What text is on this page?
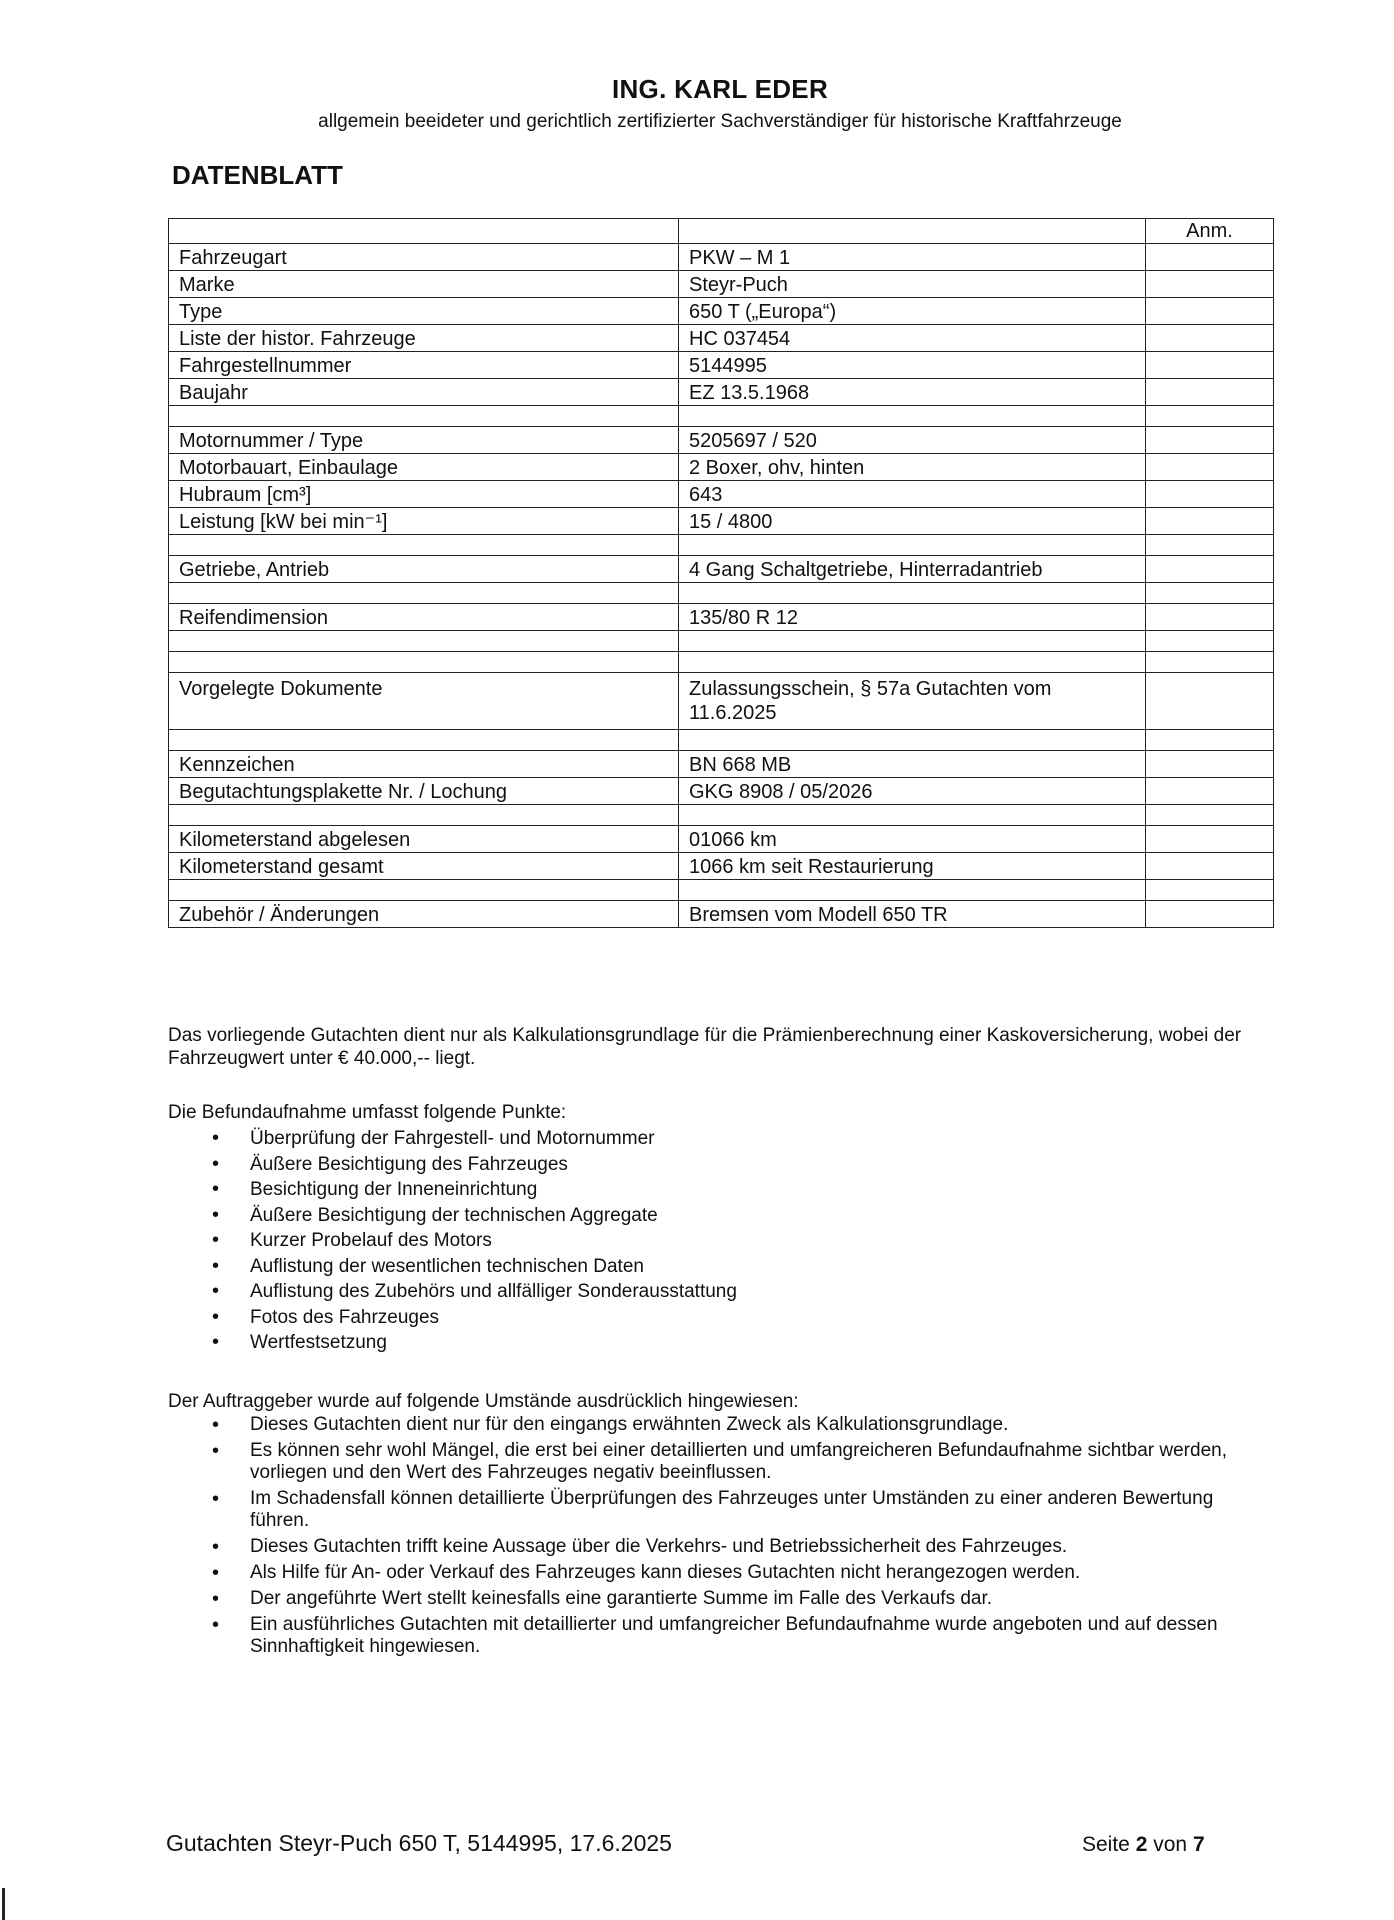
ING. KARL EDER
allgemein beeideter und gerichtlich zertifizierter Sachverständiger für historische Kraftfahrzeuge
DATENBLATT
		Anm.
Fahrzeugart	PKW – M 1	
Marke	Steyr-Puch	
Type	650 T („Europa“)	
Liste der histor. Fahrzeuge	HC 037454	
Fahrgestellnummer	5144995	
Baujahr	EZ 13.5.1968	

Motornummer / Type	5205697 / 520	
Motorbauart, Einbaulage	2 Boxer, ohv, hinten	
Hubraum [cm³]	643	
Leistung [kW bei min⁻¹]	15 / 4800	

Getriebe, Antrieb	4 Gang Schaltgetriebe, Hinterradantrieb	

Reifendimension	135/80 R 12	

Vorgelegte Dokumente	Zulassungsschein, § 57a Gutachten vom 11.6.2025	

Kennzeichen	BN 668 MB	
Begutachtungsplakette Nr. / Lochung	GKG 8908 / 05/2026	

Kilometerstand abgelesen	01066 km	
Kilometerstand gesamt	1066 km seit Restaurierung	

Zubehör / Änderungen	Bremsen vom Modell 650 TR	
Das vorliegende Gutachten dient nur als Kalkulationsgrundlage für die Prämienberechnung einer Kaskoversicherung, wobei der Fahrzeugwert unter € 40.000,-- liegt.
Die Befundaufnahme umfasst folgende Punkte:
• Überprüfung der Fahrgestell- und Motornummer
• Äußere Besichtigung des Fahrzeuges
• Besichtigung der Inneneinrichtung
• Äußere Besichtigung der technischen Aggregate
• Kurzer Probelauf des Motors
• Auflistung der wesentlichen technischen Daten
• Auflistung des Zubehörs und allfälliger Sonderausstattung
• Fotos des Fahrzeuges
• Wertfestsetzung
Der Auftraggeber wurde auf folgende Umstände ausdrücklich hingewiesen:
• Dieses Gutachten dient nur für den eingangs erwähnten Zweck als Kalkulationsgrundlage.
• Es können sehr wohl Mängel, die erst bei einer detaillierten und umfangreicheren Befundaufnahme sichtbar werden, vorliegen und den Wert des Fahrzeuges negativ beeinflussen.
• Im Schadensfall können detaillierte Überprüfungen des Fahrzeuges unter Umständen zu einer anderen Bewertung führen.
• Dieses Gutachten trifft keine Aussage über die Verkehrs- und Betriebssicherheit des Fahrzeuges.
• Als Hilfe für An- oder Verkauf des Fahrzeuges kann dieses Gutachten nicht herangezogen werden.
• Der angeführte Wert stellt keinesfalls eine garantierte Summe im Falle des Verkaufs dar.
• Ein ausführliches Gutachten mit detaillierter und umfangreicher Befundaufnahme wurde angeboten und auf dessen Sinnhaftigkeit hingewiesen.
Gutachten Steyr-Puch 650 T, 5144995, 17.6.2025	Seite 2 von 7
